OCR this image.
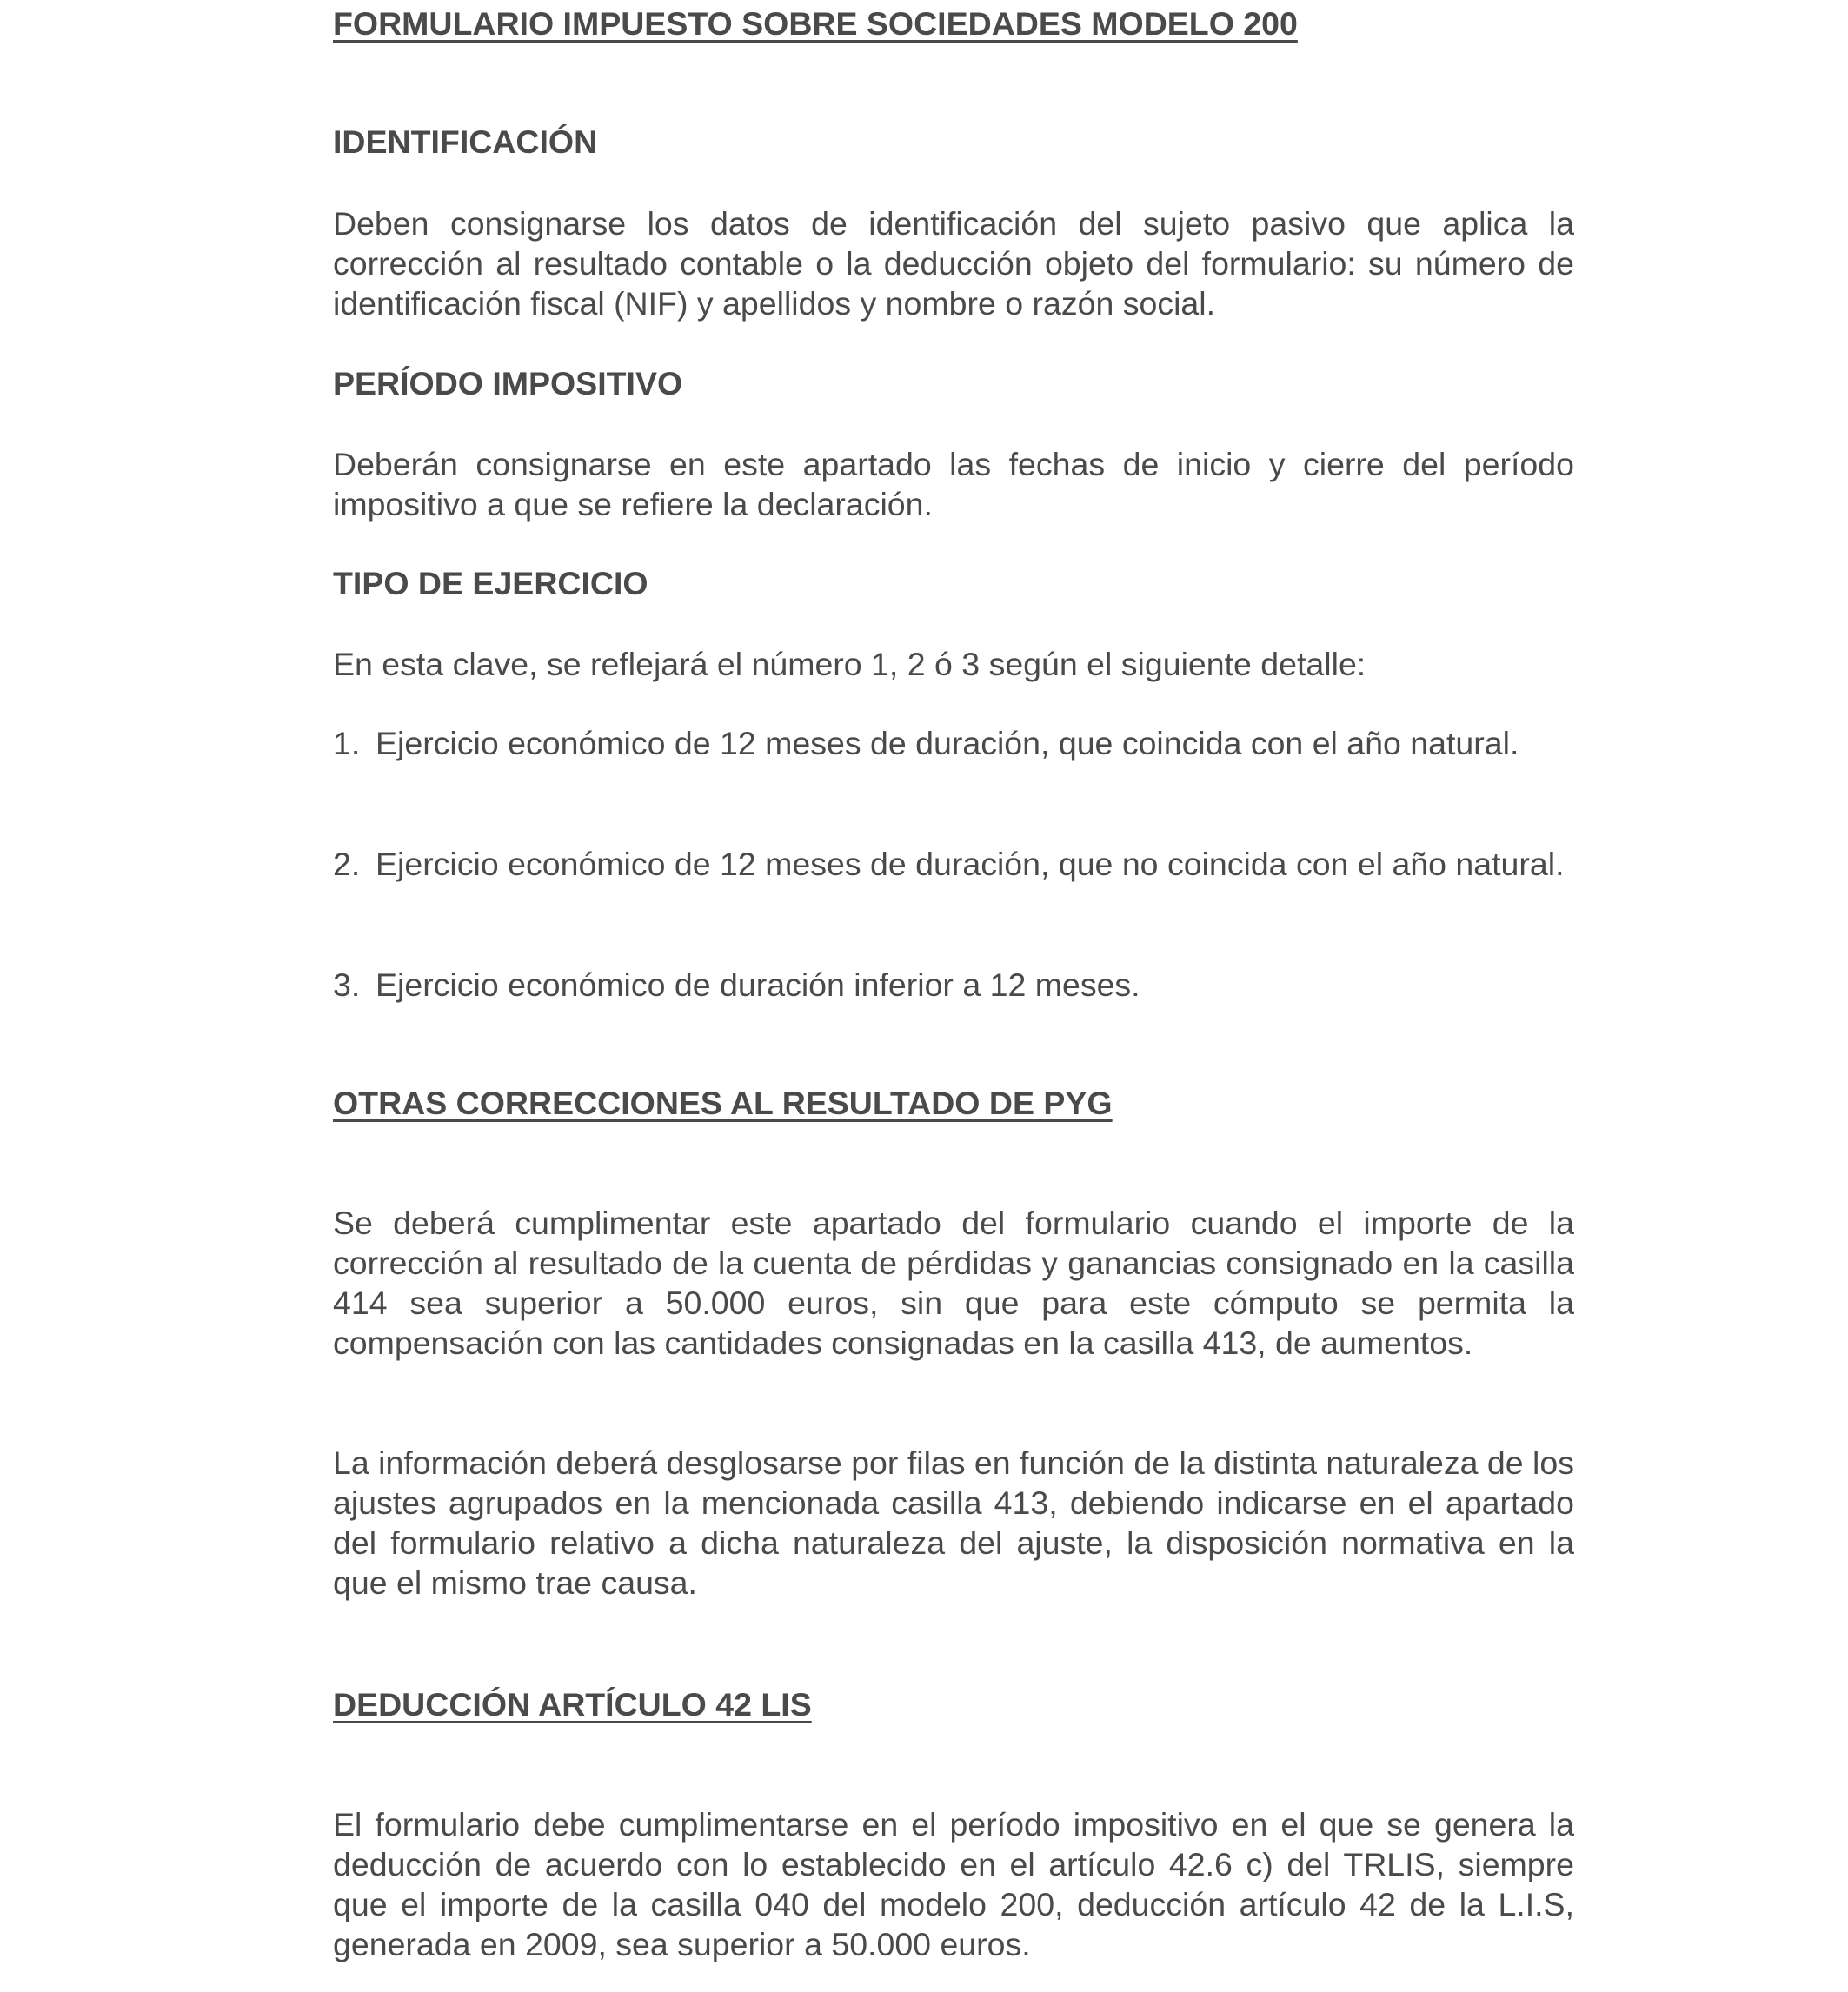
FORMULARIO IMPUESTO SOBRE SOCIEDADES MODELO 200
IDENTIFICACIÓN

Deben consignarse los datos de identificación del sujeto pasivo que aplica la corrección al resultado contable o la deducción objeto del formulario: su número de identificación fiscal (NIF) y apellidos y nombre o razón social.

PERÍODO IMPOSITIVO

Deberán consignarse en este apartado las fechas de inicio y cierre del período impositivo a que se refiere la declaración.

TIPO DE EJERCICIO

En esta clave, se reflejará el número 1, 2 ó 3 según el siguiente detalle:

1. Ejercicio económico de 12 meses de duración, que coincida con el año natural.
2. Ejercicio económico de 12 meses de duración, que no coincida con el año natural.
3. Ejercicio económico de duración inferior a 12 meses.
OTRAS CORRECCIONES AL RESULTADO DE PYG

Se deberá cumplimentar este apartado del formulario cuando el importe de la corrección al resultado de la cuenta de pérdidas y ganancias consignado en la casilla 414 sea superior a 50.000 euros, sin que para este cómputo se permita la compensación con las cantidades consignadas en la casilla 413, de aumentos.

La información deberá desglosarse por filas en función de la distinta naturaleza de los ajustes agrupados en la mencionada casilla 413, debiendo indicarse en el apartado del formulario relativo a dicha naturaleza del ajuste, la disposición normativa en la que el mismo trae causa.

DEDUCCIÓN ARTÍCULO 42 LIS

El formulario debe cumplimentarse en el período impositivo en el que se genera la deducción de acuerdo con lo establecido en el artículo 42.6 c) del TRLIS, siempre que el importe de la casilla 040 del modelo 200, deducción artículo 42 de la L.I.S, generada en 2009, sea superior a 50.000 euros.
